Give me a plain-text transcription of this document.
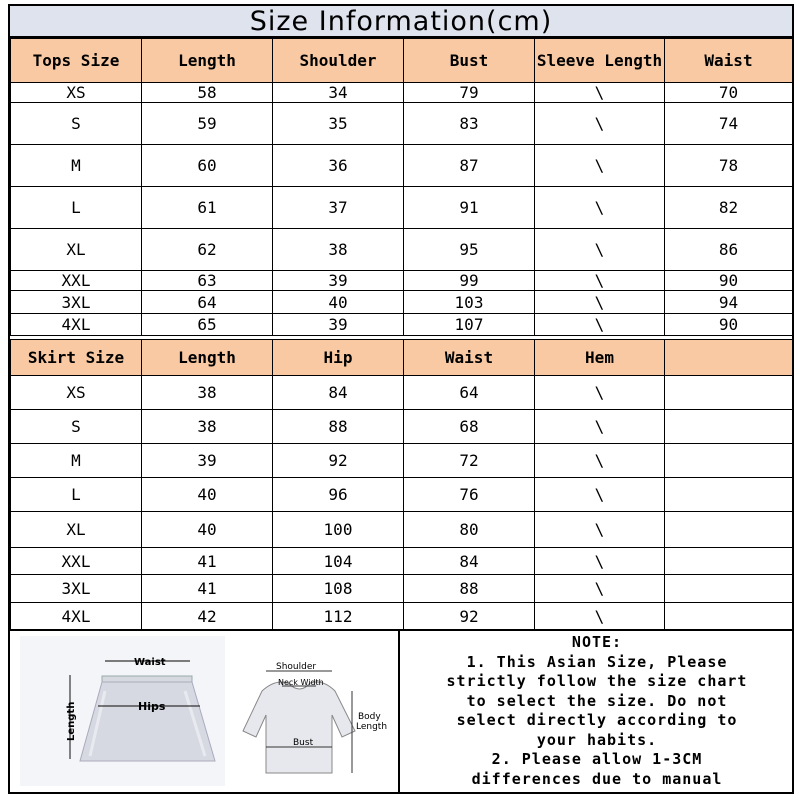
Size Information(cm)
Tops Size	Length	Shoulder	Bust	Sleeve Length	Waist
XS	58	34	79	\	70
S	59	35	83	\	74
M	60	36	87	\	78
L	61	37	91	\	82
XL	62	38	95	\	86
XXL	63	39	99	\	90
3XL	64	40	103	\	94
4XL	65	39	107	\	90
Skirt Size	Length	Hip	Waist	Hem	
XS	38	84	64	\	
S	38	88	68	\	
M	39	92	72	\	
L	40	96	76	\	
XL	40	100	80	\	
XXL	41	104	84	\	
3XL	41	108	88	\	
4XL	42	112	92	\	
Waist
Hips
Length
Shoulder
Neck Width
Body
Length
Bust
NOTE:
1. This Asian Size, Please
strictly follow the size chart
to select the size. Do not
select directly according to
your habits.
2. Please allow 1-3CM
differences due to manual
